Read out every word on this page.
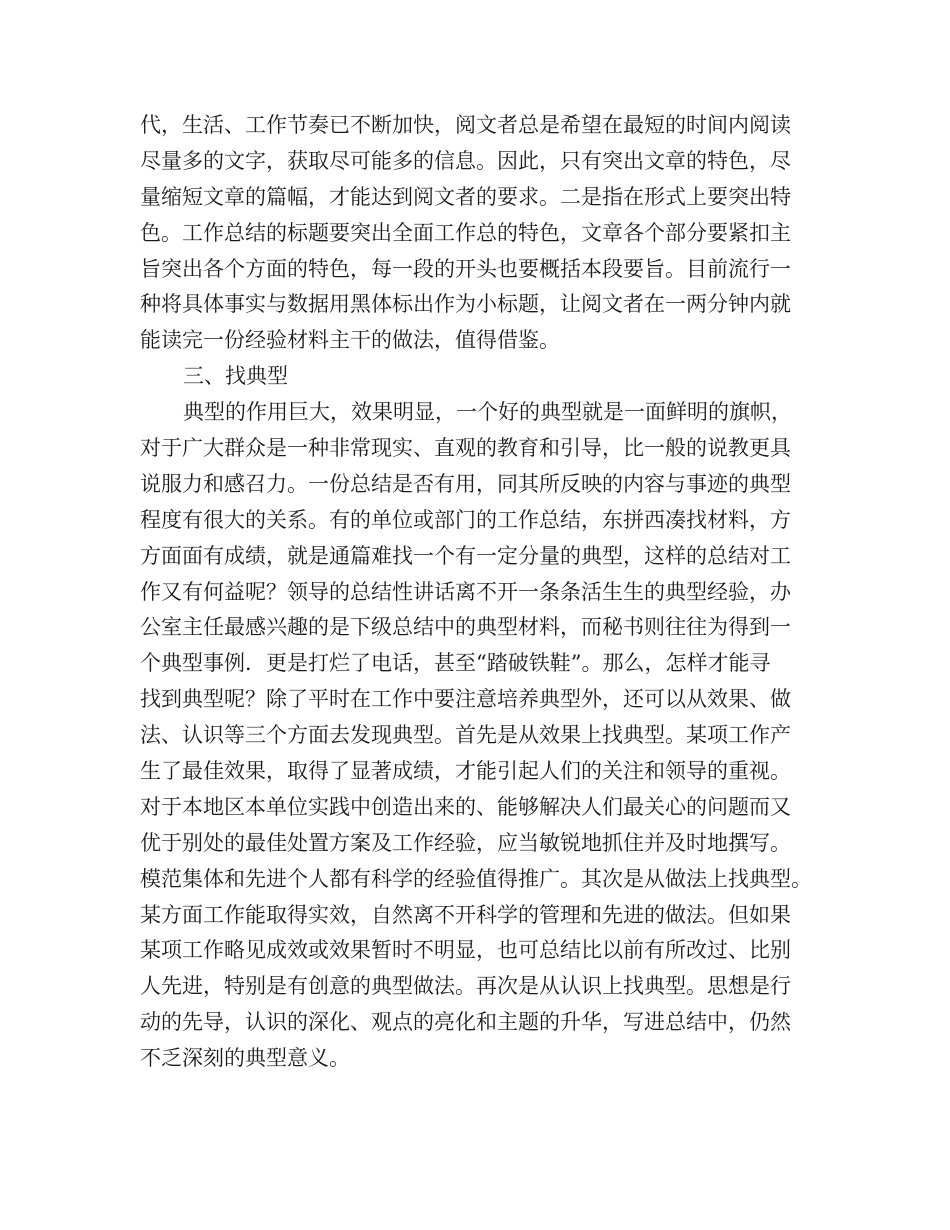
代，生活、工作节奏已不断加快，阅文者总是希望在最短的时间内阅读
尽量多的文字，获取尽可能多的信息。因此，只有突出文章的特色，尽
量缩短文章的篇幅，才能达到阅文者的要求。二是指在形式上要突出特
色。工作总结的标题要突出全面工作总的特色，文章各个部分要紧扣主
旨突出各个方面的特色，每一段的开头也要概括本段要旨。目前流行一
种将具体事实与数据用黑体标出作为小标题，让阅文者在一两分钟内就
能读完一份经验材料主干的做法，值得借鉴。
三、找典型
典型的作用巨大，效果明显，一个好的典型就是一面鲜明的旗帜，
对于广大群众是一种非常现实、直观的教育和引导，比一般的说教更具
说服力和感召力。一份总结是否有用，同其所反映的内容与事迹的典型
程度有很大的关系。有的单位或部门的工作总结，东拼西凑找材料，方
方面面有成绩，就是通篇难找一个有一定分量的典型，这样的总结对工
作又有何益呢？领导的总结性讲话离不开一条条活生生的典型经验，办
公室主任最感兴趣的是下级总结中的典型材料，而秘书则往往为得到一
个典型事例．更是打烂了电话，甚至“踏破铁鞋”。那么，怎样才能寻
找到典型呢？除了平时在工作中要注意培养典型外，还可以从效果、做
法、认识等三个方面去发现典型。首先是从效果上找典型。某项工作产
生了最佳效果，取得了显著成绩，才能引起人们的关注和领导的重视。
对于本地区本单位实践中创造出来的、能够解决人们最关心的问题而又
优于别处的最佳处置方案及工作经验，应当敏锐地抓住并及时地撰写。
模范集体和先进个人都有科学的经验值得推广。其次是从做法上找典型。
某方面工作能取得实效，自然离不开科学的管理和先进的做法。但如果
某项工作略见成效或效果暂时不明显，也可总结比以前有所改过、比别
人先进，特别是有创意的典型做法。再次是从认识上找典型。思想是行
动的先导，认识的深化、观点的亮化和主题的升华，写进总结中，仍然
不乏深刻的典型意义。
